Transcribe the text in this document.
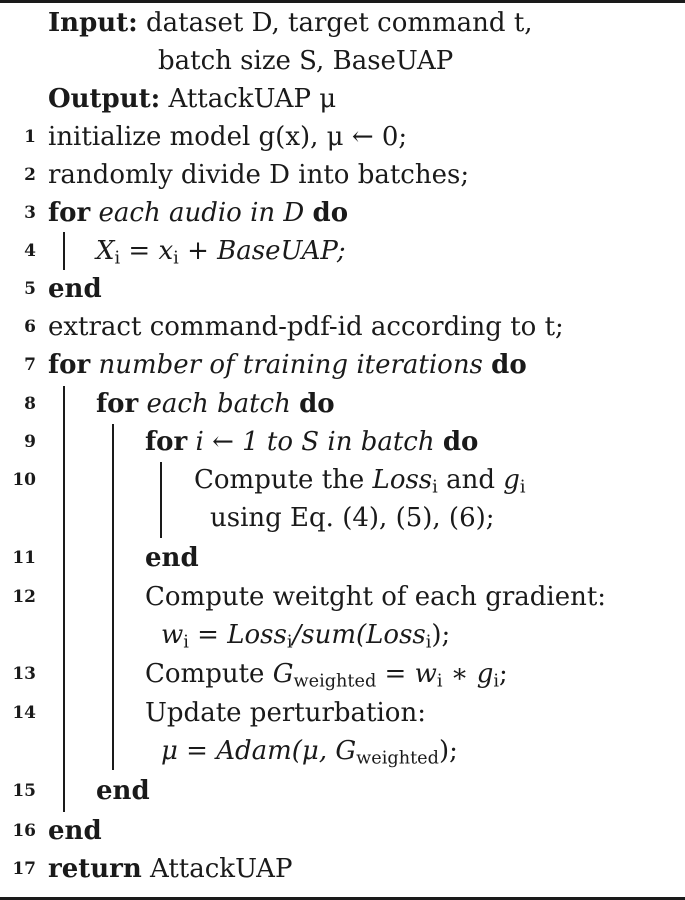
Input: dataset D, target command t,
batch size S, BaseUAP
Output: AttackUAP μ
1 initialize model g(x), μ ← 0;
2 randomly divide D into batches;
3 for each audio in D do
4 $X_i = x_i$ + BaseUAP;
5 end
6 extract command-pdf-id according to t;
7 for number of training iterations do
8 for each batch do
9	for i ← 1 to S in batch do
10	Compute the Loss$_i$ and $g_i$
using Eq. (4), (5), (6);
11	end
12	Compute weitght of each gradient:
$w_i$ = Loss$_i$/sum(Loss$_i$);
13	Compute $G_{weighted} = w_i$ ∗ $g_i$;
14	Update perturbation:
μ = Adam(μ, $G_{weighted}$);
15 end
16 end
17 return AttackUAP
